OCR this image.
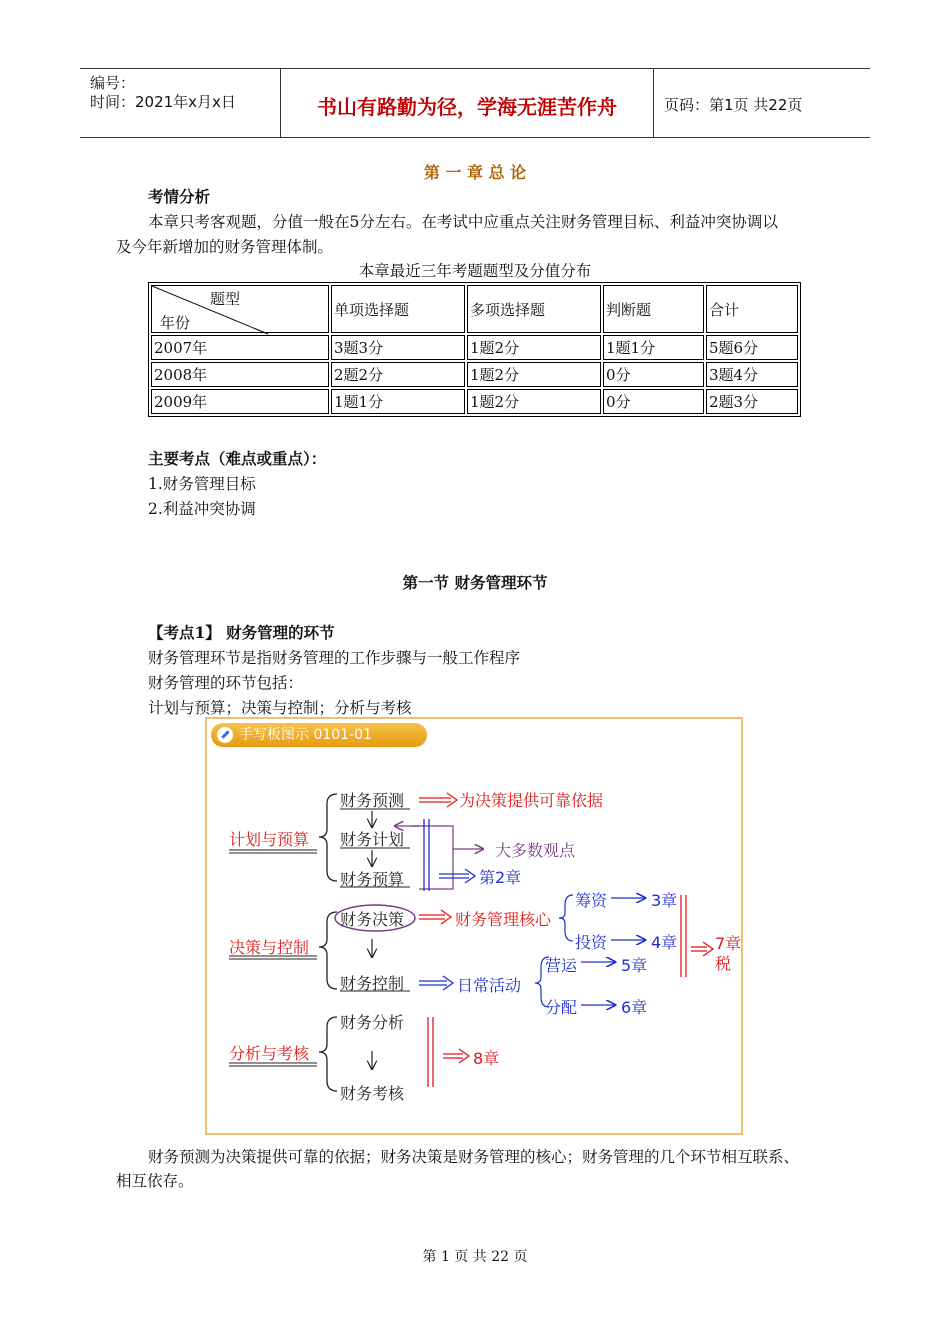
编号：
时间：2021年x月x日	书山有路勤为径，学海无涯苦作舟	页码：第1页 共22页
第 一 章 总 论
考情分析
本章只考客观题，分值一般在5分左右。在考试中应重点关注财务管理目标、利益冲突协调以
及今年新增加的财务管理体制。
本章最近三年考题题型及分值分布
题型
年份	单项选择题	多项选择题	判断题	合计
2007年	3题3分	1题2分	1题1分	5题6分
2008年	2题2分	1题2分	0分	3题4分
2009年	1题1分	1题2分	0分	2题3分
主要考点（难点或重点）：
1.财务管理目标
2.利益冲突协调
第一节 财务管理环节
【考点1】 财务管理的环节
财务管理环节是指财务管理的工作步骤与一般工作程序
财务管理的环节包括：
计划与预算；决策与控制；分析与考核
手写板图示 0101-01
计划与预算
决策与控制
分析与考核
财务预测
财务计划
财务预算
财务决策
财务控制
财务分析
财务考核
为决策提供可靠依据
大多数观点
第2章
财务管理核心
筹资	3章
投资	4章 7章
税
日常活动
营运	5章
分配	6章
8章
财务预测为决策提供可靠的依据；财务决策是财务管理的核心；财务管理的几个环节相互联系、
相互依存。
第 1 页 共 22 页
